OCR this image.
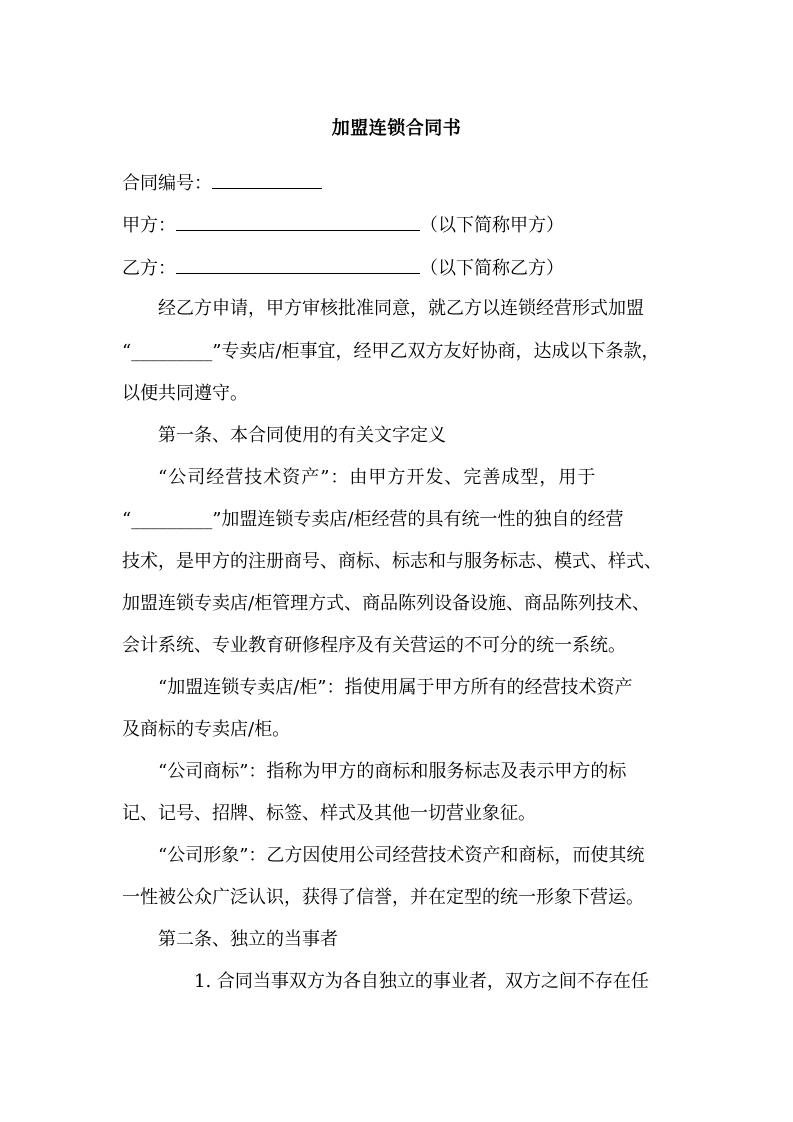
加盟连锁合同书
合同编号：
甲方：	（以下简称甲方）
乙方：	（以下简称乙方）
经乙方申请，甲方审核批准同意，就乙方以连锁经营形式加盟
“_________”专卖店/柜事宜，经甲乙双方友好协商，达成以下条款，
以便共同遵守。
第一条、本合同使用的有关文字定义
“公司经营技术资产”：由甲方开发、完善成型，用于
“_________”加盟连锁专卖店/柜经营的具有统一性的独自的经营
技术，是甲方的注册商号、商标、标志和与服务标志、模式、样式、
加盟连锁专卖店/柜管理方式、商品陈列设备设施、商品陈列技术、
会计系统、专业教育研修程序及有关营运的不可分的统一系统。
“加盟连锁专卖店/柜”：指使用属于甲方所有的经营技术资产
及商标的专卖店/柜。
“公司商标”：指称为甲方的商标和服务标志及表示甲方的标
记、记号、招牌、标签、样式及其他一切营业象征。
“公司形象”：乙方因使用公司经营技术资产和商标，而使其统
一性被公众广泛认识，获得了信誉，并在定型的统一形象下营运。
第二条、独立的当事者
1. 合同当事双方为各自独立的事业者，双方之间不存在任
